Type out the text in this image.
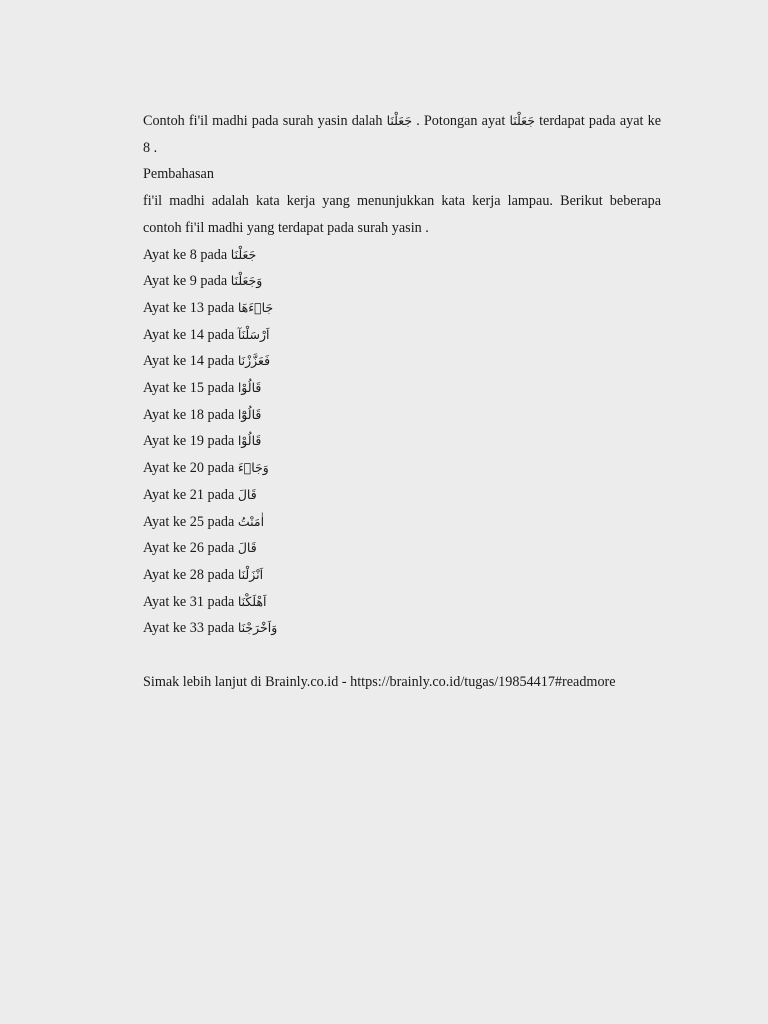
Contoh fi'il madhi pada surah yasin dalah جَعَلْنَا . Potongan ayat جَعَلْنَا terdapat pada ayat ke 8 .

Pembahasan

fi'il madhi adalah kata kerja yang menunjukkan kata kerja lampau. Berikut beberapa contoh fi'il madhi yang terdapat pada surah yasin .

Ayat ke 8 pada جَعَلْنَا

Ayat ke 9 pada وَجَعَلْنَا

Ayat ke 13 pada جَاۤءَهَا

Ayat ke 14 pada اَرْسَلْنَآ

Ayat ke 14 pada فَعَزَّزْنَا

Ayat ke 15 pada قَالُوْا

Ayat ke 18 pada قَالُوْٓا

Ayat ke 19 pada قَالُوْا

Ayat ke 20 pada وَجَاۤءَ

Ayat ke 21 pada قَالَ

Ayat ke 25 pada اٰمَنْتُ

Ayat ke 26 pada قَالَ

Ayat ke 28 pada اَنْزَلْنَا

Ayat ke 31 pada اَهْلَكْنَا

Ayat ke 33 pada وَاَخْرَجْنَا

Simak lebih lanjut di Brainly.co.id - https://brainly.co.id/tugas/19854417#readmore
